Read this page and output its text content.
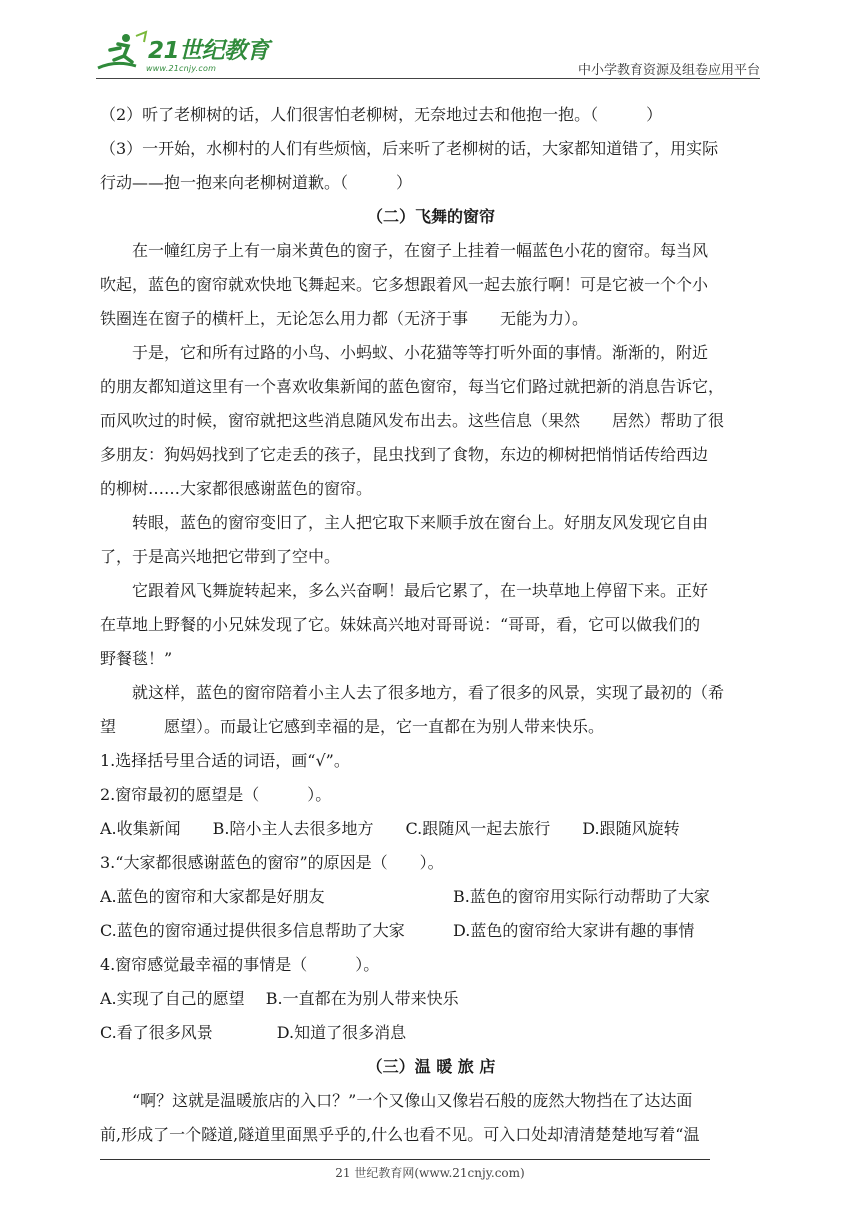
21世纪教育
www.21cnjy.com	中小学教育资源及组卷应用平台
（2）听了老柳树的话，人们很害怕老柳树，无奈地过去和他抱一抱。（　　　）
（3）一开始，水柳村的人们有些烦恼，后来听了老柳树的话，大家都知道错了，用实际
行动——抱一抱来向老柳树道歉。（　　　）
（二）飞舞的窗帘
在一幢红房子上有一扇米黄色的窗子，在窗子上挂着一幅蓝色小花的窗帘。每当风
吹起，蓝色的窗帘就欢快地飞舞起来。它多想跟着风一起去旅行啊！可是它被一个个小
铁圈连在窗子的横杆上，无论怎么用力都（无济于事　　无能为力）。
于是，它和所有过路的小鸟、小蚂蚁、小花猫等等打听外面的事情。渐渐的，附近
的朋友都知道这里有一个喜欢收集新闻的蓝色窗帘，每当它们路过就把新的消息告诉它，
而风吹过的时候，窗帘就把这些消息随风发布出去。这些信息（果然　　居然）帮助了很
多朋友：狗妈妈找到了它走丢的孩子，昆虫找到了食物，东边的柳树把悄悄话传给西边
的柳树……大家都很感谢蓝色的窗帘。
转眼，蓝色的窗帘变旧了，主人把它取下来顺手放在窗台上。好朋友风发现它自由
了，于是高兴地把它带到了空中。
它跟着风飞舞旋转起来，多么兴奋啊！最后它累了，在一块草地上停留下来。正好
在草地上野餐的小兄妹发现了它。妹妹高兴地对哥哥说：“哥哥，看，它可以做我们的
野餐毯！”
就这样，蓝色的窗帘陪着小主人去了很多地方，看了很多的风景，实现了最初的（希
望　　　愿望）。而最让它感到幸福的是，它一直都在为别人带来快乐。
1.选择括号里合适的词语，画“√”。
2.窗帘最初的愿望是（　　　）。
A.收集新闻　　B.陪小主人去很多地方　　C.跟随风一起去旅行　　D.跟随风旋转
3.“大家都很感谢蓝色的窗帘”的原因是（　　）。
A.蓝色的窗帘和大家都是好朋友	B.蓝色的窗帘用实际行动帮助了大家
C.蓝色的窗帘通过提供很多信息帮助了大家	D.蓝色的窗帘给大家讲有趣的事情
4.窗帘感觉最幸福的事情是（　　　）。
A.实现了自己的愿望　 B.一直都在为别人带来快乐
C.看了很多风景　　　　D.知道了很多消息
（三）温 暖 旅 店
“啊？这就是温暖旅店的入口？”一个又像山又像岩石般的庞然大物挡在了达达面
前,形成了一个隧道,隧道里面黑乎乎的,什么也看不见。可入口处却清清楚楚地写着“温
21 世纪教育网(www.21cnjy.com)
